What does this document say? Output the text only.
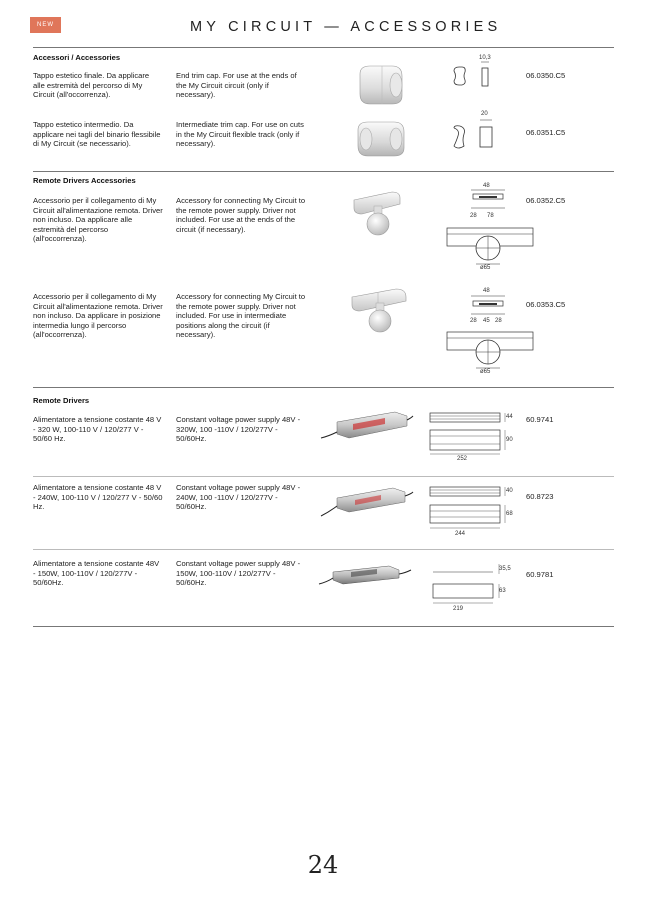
NEW	MY CIRCUIT — ACCESSORIES
Accessori / Accessories
Tappo estetico finale. Da applicare alle estremità del percorso di My Circuit (all'occorrenza).
End trim cap. For use at the ends of the My Circuit circuit (only if necessary).
06.0350.C5
10,3
Tappo estetico intermedio. Da applicare nei tagli del binario flessibile di My Circuit (se necessario).
Intermediate trim cap. For use on cuts in the My Circuit flexible track (only if necessary).
06.0351.C5
20
Remote Drivers Accessories
Accessorio per il collegamento di My Circuit all'alimentazione remota. Driver non incluso. Da applicare alle estremità del percorso (all'occorrenza).
Accessory for connecting My Circuit to the remote power supply. Driver not included. For use at the ends of the circuit (if necessary).
06.0352.C5
48
28 78
ø65
Accessorio per il collegamento di My Circuit all'alimentazione remota. Driver non incluso. Da applicare in posizione intermedia lungo il percorso (all'occorrenza).
Accessory for connecting My Circuit to the remote power supply. Driver not included. For use in intermediate positions along the circuit (if necessary).
06.0353.C5
48
28 45 28
ø65
Remote Drivers
Alimentatore a tensione costante 48 V - 320 W, 100-110 V / 120/277 V - 50/60 Hz.
Constant voltage power supply 48V - 320W, 100 -110V / 120/277V - 50/60Hz.
60.9741
44
90
252
Alimentatore a tensione costante 48 V - 240W, 100-110 V / 120/277 V - 50/60 Hz.
Constant voltage power supply 48V - 240W, 100 -110V / 120/277V - 50/60Hz.
60.8723
40
68
244
Alimentatore a tensione costante 48V - 150W, 100-110V / 120/277V - 50/60Hz.
Constant voltage power supply 48V - 150W, 100-110V / 120/277V - 50/60Hz.
60.9781
35,5
63
219
24
